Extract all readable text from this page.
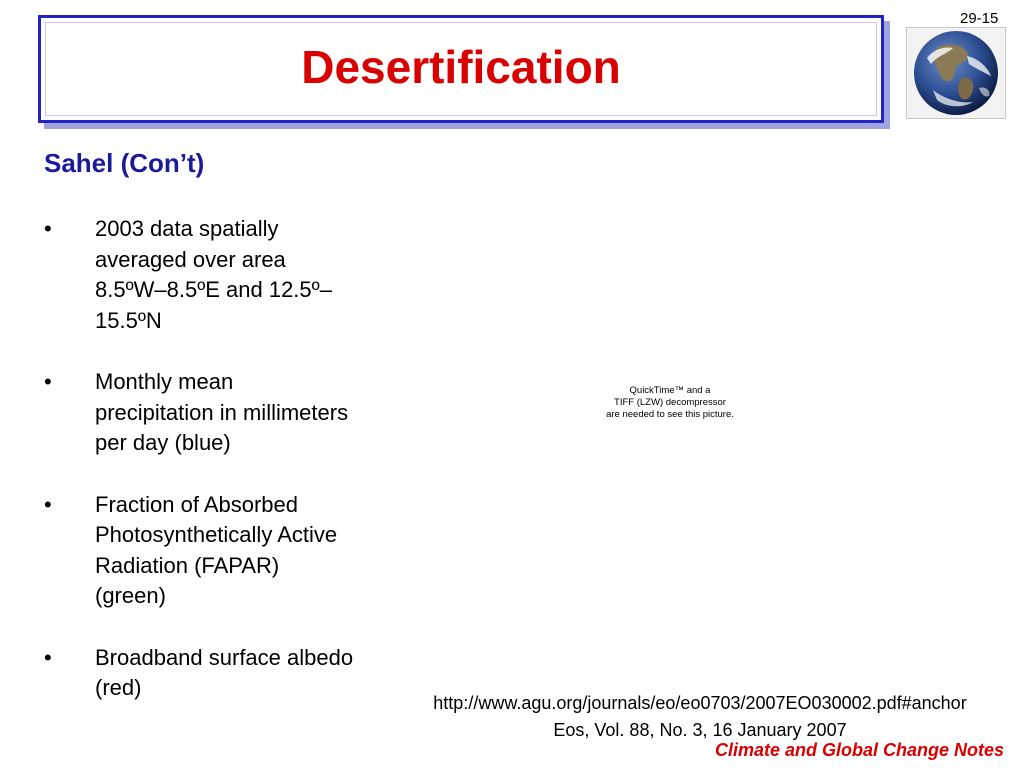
Desertification
29-15
Sahel (Con’t)
• 2003 data spatially averaged over area 8.5ºW–8.5ºE and 12.5º–15.5ºN
• Monthly mean precipitation in millimeters per day (blue)
• Fraction of Absorbed Photosynthetically Active Radiation (FAPAR) (green)
• Broadband surface albedo (red)
QuickTime™ and a
TIFF (LZW) decompressor
are needed to see this picture.
http://www.agu.org/journals/eo/eo0703/2007EO030002.pdf#anchor
Eos, Vol. 88, No. 3, 16 January 2007
Climate and Global Change Notes
